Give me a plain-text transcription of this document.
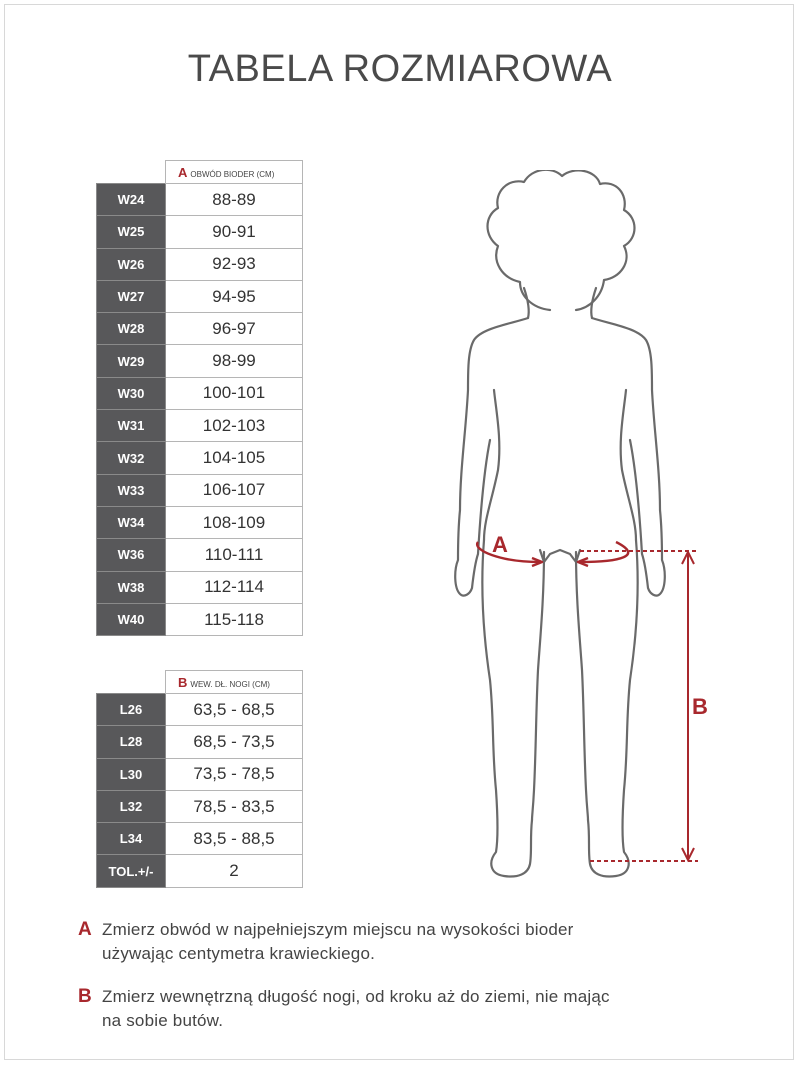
TABELA ROZMIAROWA
	A OBWÓD BIODER (CM)
W24	88-89
W25	90-91
W26	92-93
W27	94-95
W28	96-97
W29	98-99
W30	100-101
W31	102-103
W32	104-105
W33	106-107
W34	108-109
W36	110-111
W38	112-114
W40	115-118
	B WEW. DŁ. NOGI (CM)
L26	63,5 - 68,5
L28	68,5 - 73,5
L30	73,5 - 78,5
L32	78,5 - 83,5
L34	83,5 - 88,5
TOL.+/-	2
A
B
A Zmierz obwód w najpełniejszym miejscu na wysokości bioder
używając centymetra krawieckiego.
B Zmierz wewnętrzną długość nogi, od kroku aż do ziemi, nie mając
na sobie butów.
